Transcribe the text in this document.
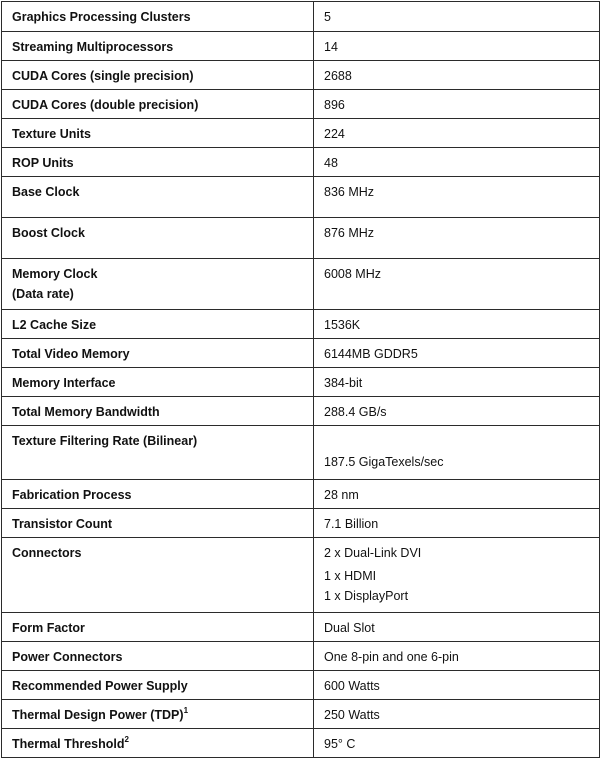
Graphics Processing Clusters	5
Streaming Multiprocessors	14
CUDA Cores (single precision)	2688
CUDA Cores (double precision)	896
Texture Units	224
ROP Units	48
Base Clock	836 MHz
Boost Clock	876 MHz

Memory Clock
(Data rate)	6008 MHz
L2 Cache Size	1536K
Total Video Memory	6144MB GDDR5
Memory Interface	384-bit
Total Memory Bandwidth	288.4 GB/s
Texture Filtering Rate (Bilinear)	187.5 GigaTexels/sec
Fabrication Process	28 nm
Transistor Count	7.1 Billion
Connectors	2 x Dual-Link DVI
1 x HDMI
1 x DisplayPort

Form Factor	Dual Slot
Power Connectors	One 8-pin and one 6-pin
Recommended Power Supply	600 Watts
Thermal Design Power (TDP)$^1$	250 Watts
Thermal Threshold$^2$	95° C
